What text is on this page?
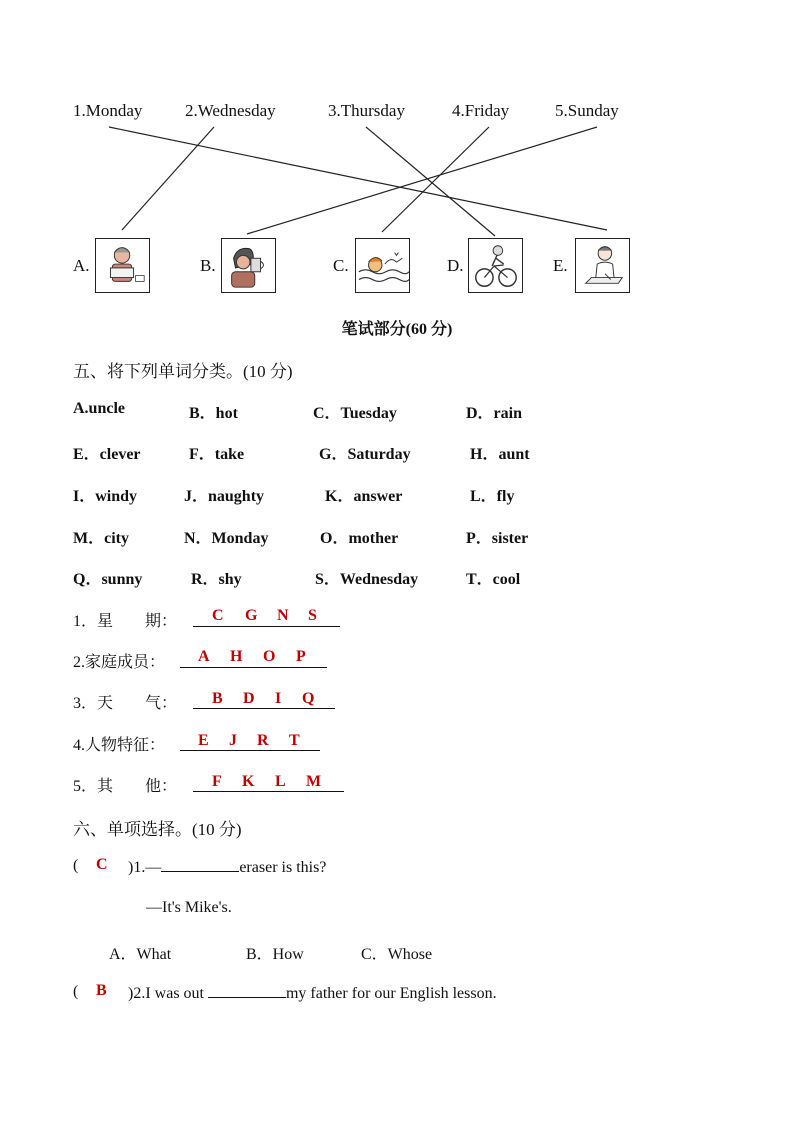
1.Monday	2.Wednesday	3.Thursday	4.Friday	5.Sunday
A.	B.	C.	D.	E.
笔试部分(60 分)
五、将下列单词分类。(10 分)
A.uncle	B．hot	C．Tuesday	D．rain
E．clever	F．take	G．Saturday	H．aunt
I．windy	J．naughty	K．answer	L．fly
M．city	N．Monday	O．mother	P．sister
Q．sunny	R．shy	S．Wednesday	T．cool
1．星　　期： C G N S
2.家庭成员： A H O P
3．天　　气： B D I Q
4.人物特征： E J R T
5．其　　他： F K L M
六、单项选择。(10 分)
( C )1.—	eraser is this?
—It's Mike's.
A．What	B．How	C．Whose
( B )2.I was out	my father for our English lesson.
